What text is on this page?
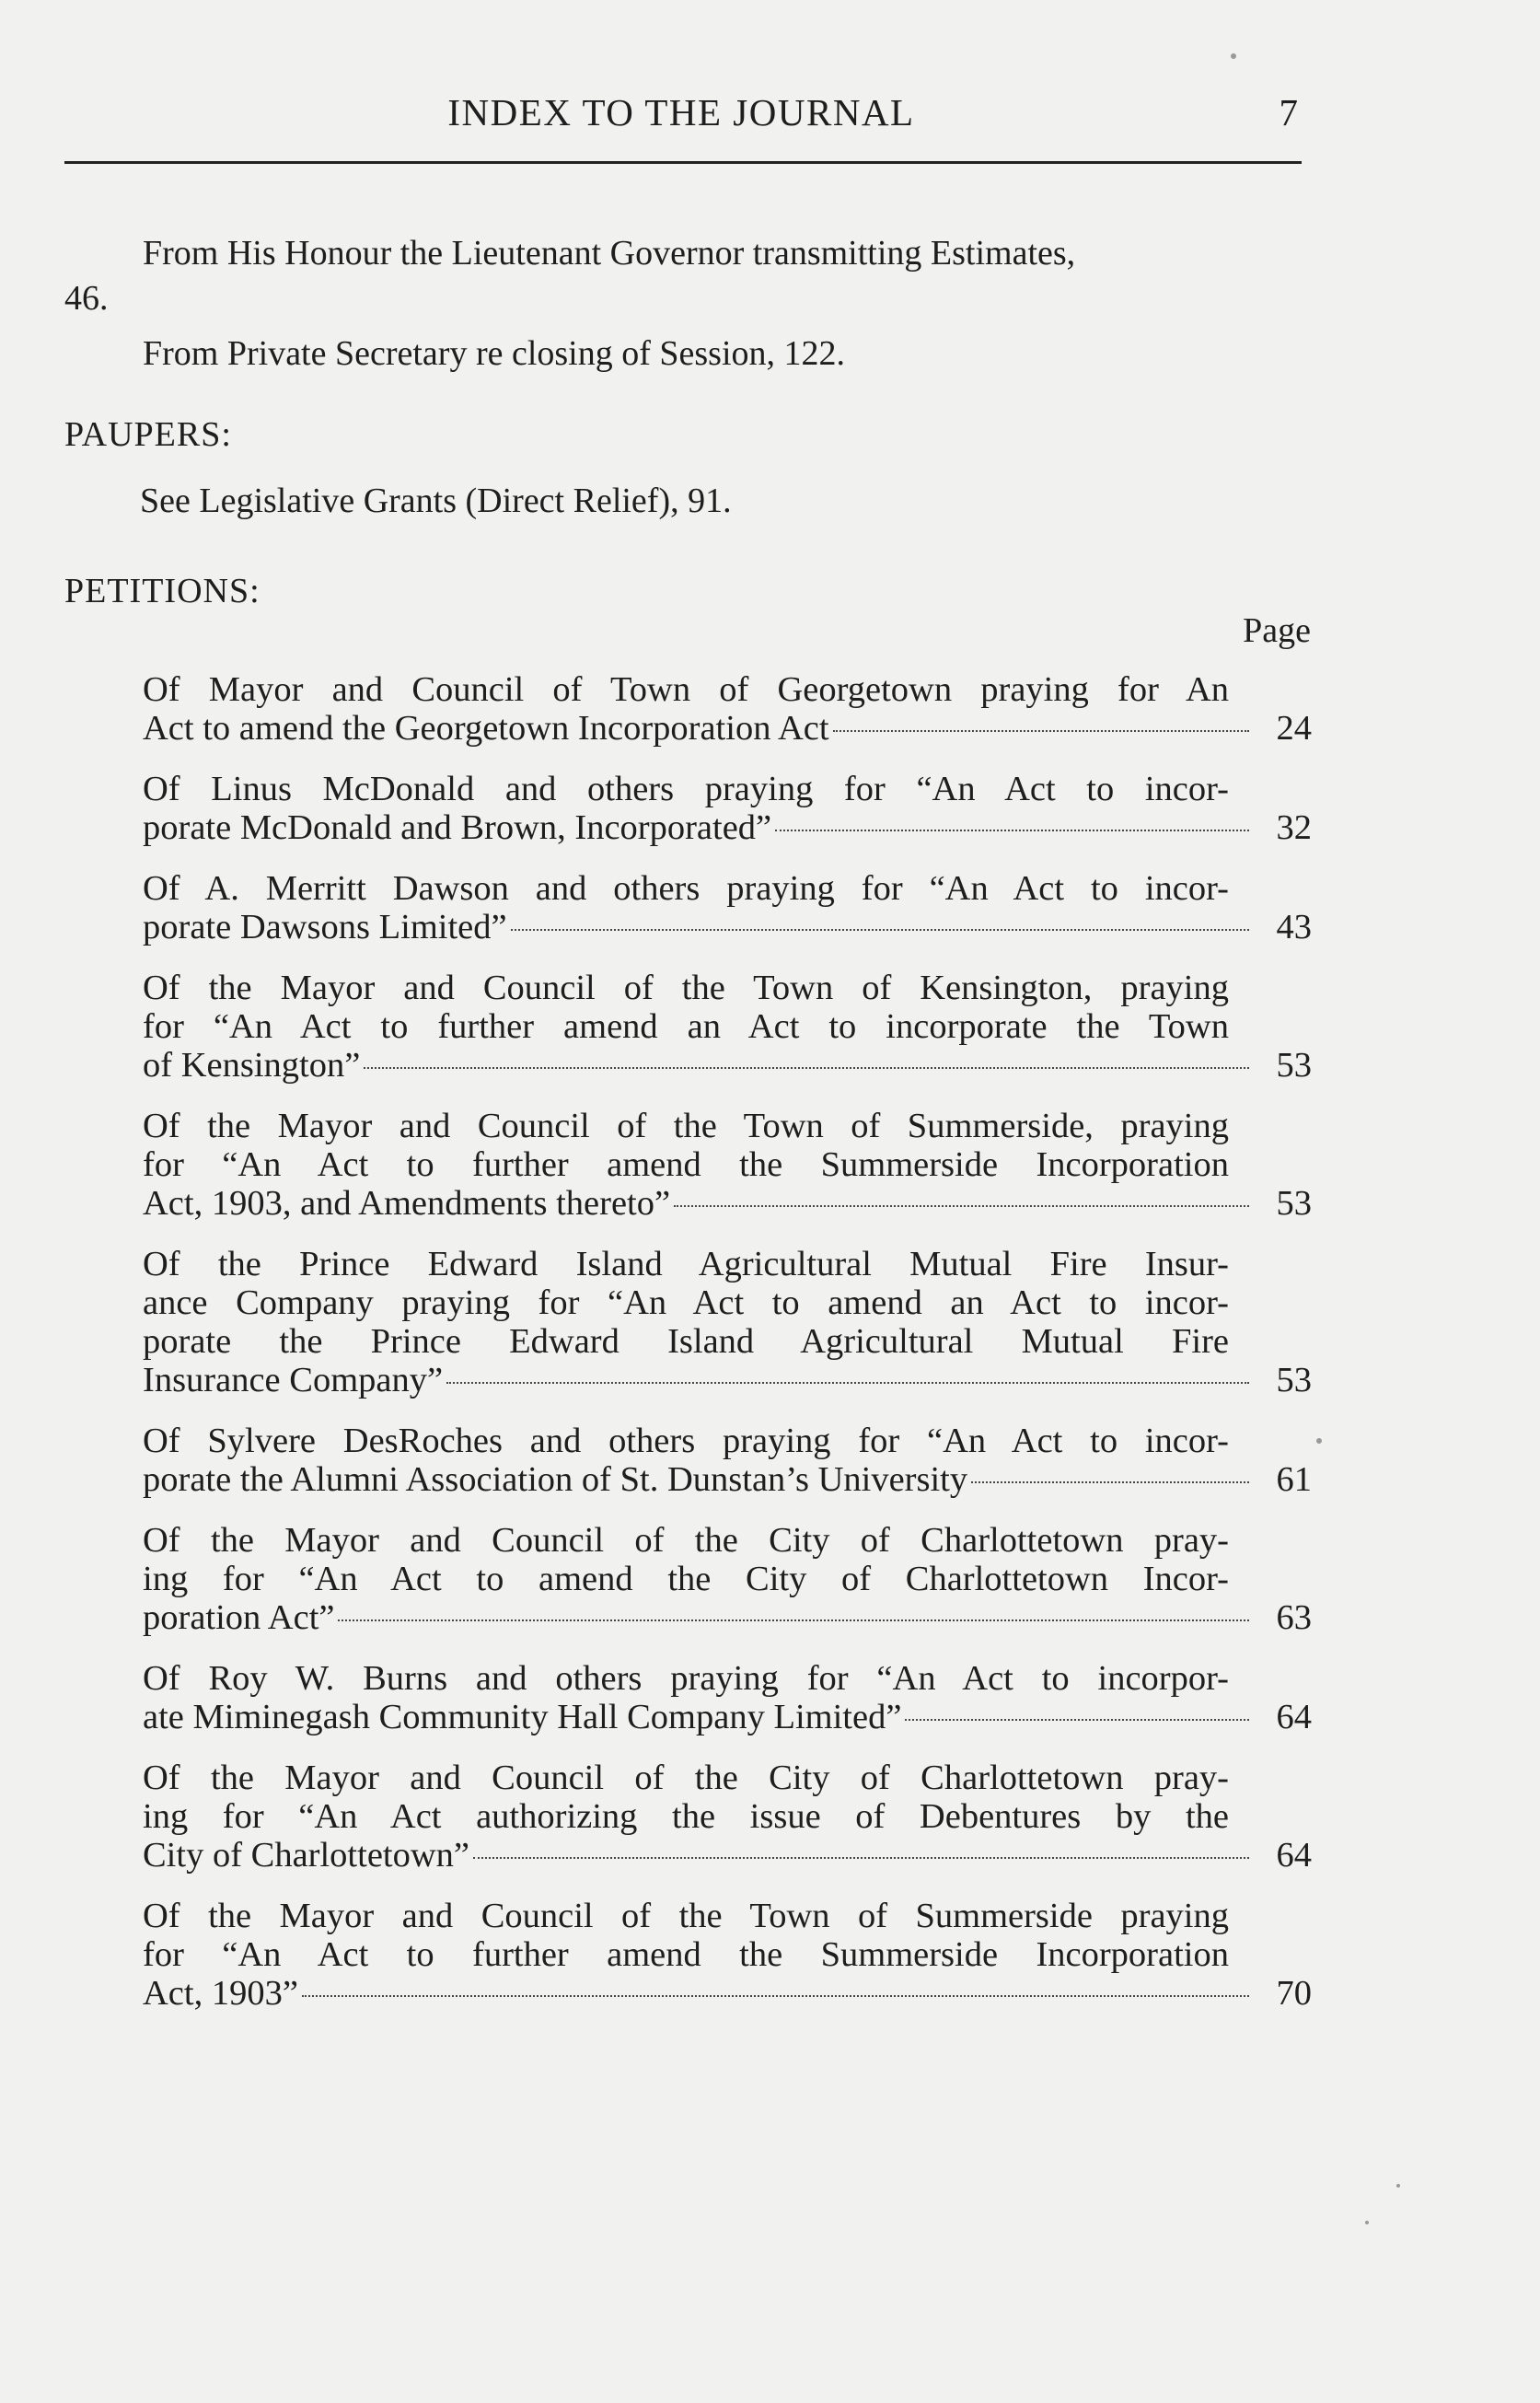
INDEX TO THE JOURNAL	7
From His Honour the Lieutenant Governor transmitting Estimates,
46.
From Private Secretary re closing of Session, 122.
PAUPERS:
See Legislative Grants (Direct Relief), 91.
PETITIONS:
Page
Of Mayor and Council of Town of Georgetown praying for An
Act to amend the Georgetown Incorporation Act	24
Of Linus McDonald and others praying for “An Act to incor-
porate McDonald and Brown, Incorporated”	32
Of A. Merritt Dawson and others praying for “An Act to incor-
porate Dawsons Limited”	43
Of the Mayor and Council of the Town of Kensington, praying
for “An Act to further amend an Act to incorporate the Town
of Kensington”	53
Of the Mayor and Council of the Town of Summerside, praying
for “An Act to further amend the Summerside Incorporation
Act, 1903, and Amendments thereto”	53
Of the Prince Edward Island Agricultural Mutual Fire Insur-
ance Company praying for “An Act to amend an Act to incor-
porate the Prince Edward Island Agricultural Mutual Fire
Insurance Company”	53
Of Sylvere DesRoches and others praying for “An Act to incor-
porate the Alumni Association of St. Dunstan’s University	61
Of the Mayor and Council of the City of Charlottetown pray-
ing for “An Act to amend the City of Charlottetown Incor-
poration Act”	63
Of Roy W. Burns and others praying for “An Act to incorpor-
ate Miminegash Community Hall Company Limited”	64
Of the Mayor and Council of the City of Charlottetown pray-
ing for “An Act authorizing the issue of Debentures by the
City of Charlottetown”	64
Of the Mayor and Council of the Town of Summerside praying
for “An Act to further amend the Summerside Incorporation
Act, 1903”	70
